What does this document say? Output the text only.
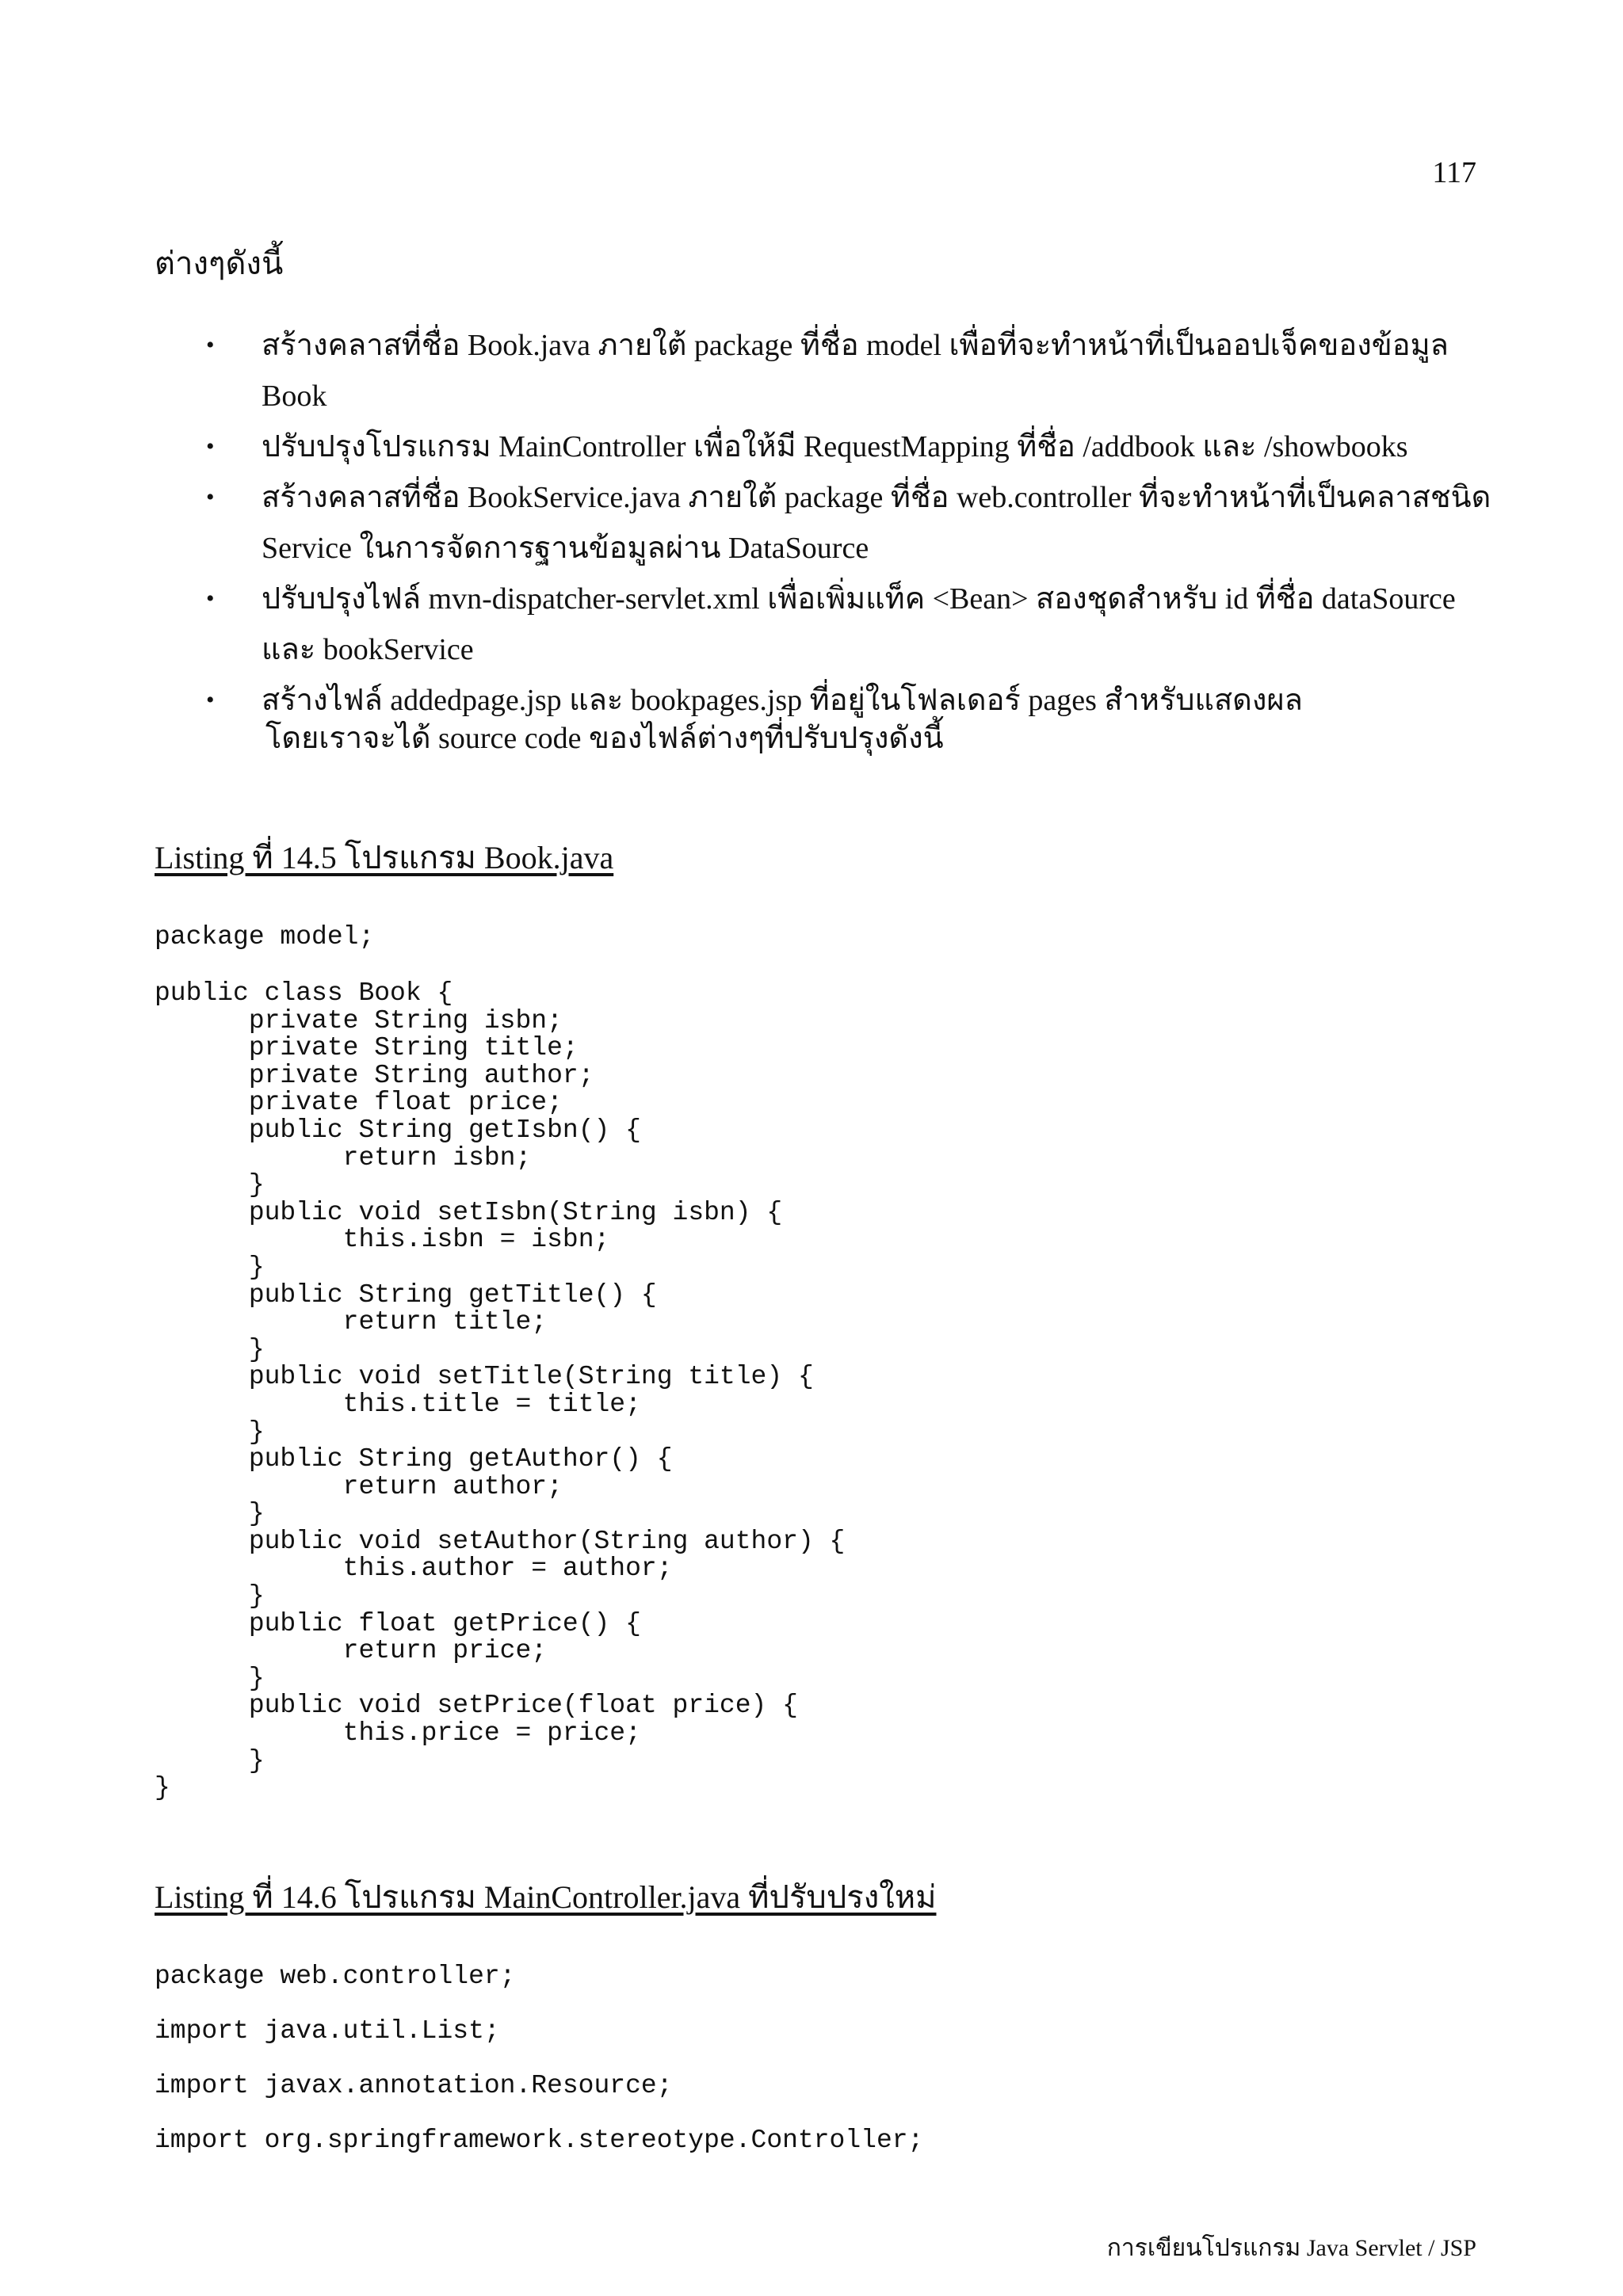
117
ต่างๆดังนี้
• สร้างคลาสที่ชื่อ Book.java ภายใต้ package ที่ชื่อ model เพื่อที่จะทำหน้าที่เป็นออปเจ็คของข้อมูล Book
• ปรับปรุงโปรแกรม MainController เพื่อให้มี RequestMapping ที่ชื่อ /addbook และ /showbooks
• สร้างคลาสที่ชื่อ BookService.java ภายใต้ package ที่ชื่อ web.controller ที่จะทำหน้าที่เป็นคลาสชนิด Service ในการจัดการฐานข้อมูลผ่าน DataSource
• ปรับปรุงไฟล์ mvn-dispatcher-servlet.xml เพื่อเพิ่มแท็ค <Bean> สองชุดสำหรับ id ที่ชื่อ dataSource และ bookService
• สร้างไฟล์ addedpage.jsp และ bookpages.jsp ที่อยู่ในโฟลเดอร์ pages สำหรับแสดงผล
โดยเราจะได้ source code ของไฟล์ต่างๆที่ปรับปรุงดังนี้
Listing ที่ 14.5 โปรแกรม Book.java
package model;
public class Book {
	private String isbn;
	private String title;
	private String author;
	private float price;
	public String getIsbn() {
		return isbn;
	}
	public void setIsbn(String isbn) {
		this.isbn = isbn;
	}
	public String getTitle() {
		return title;
	}
	public void setTitle(String title) {
		this.title = title;
	}
	public String getAuthor() {
		return author;
	}
	public void setAuthor(String author) {
		this.author = author;
	}
	public float getPrice() {
		return price;
	}
	public void setPrice(float price) {
		this.price = price;
	}
}
Listing ที่ 14.6 โปรแกรม MainController.java ที่ปรับปรงใหม่
package web.controller;
import java.util.List;
import javax.annotation.Resource;
import org.springframework.stereotype.Controller;
การเขียนโปรแกรม Java Servlet / JSP
